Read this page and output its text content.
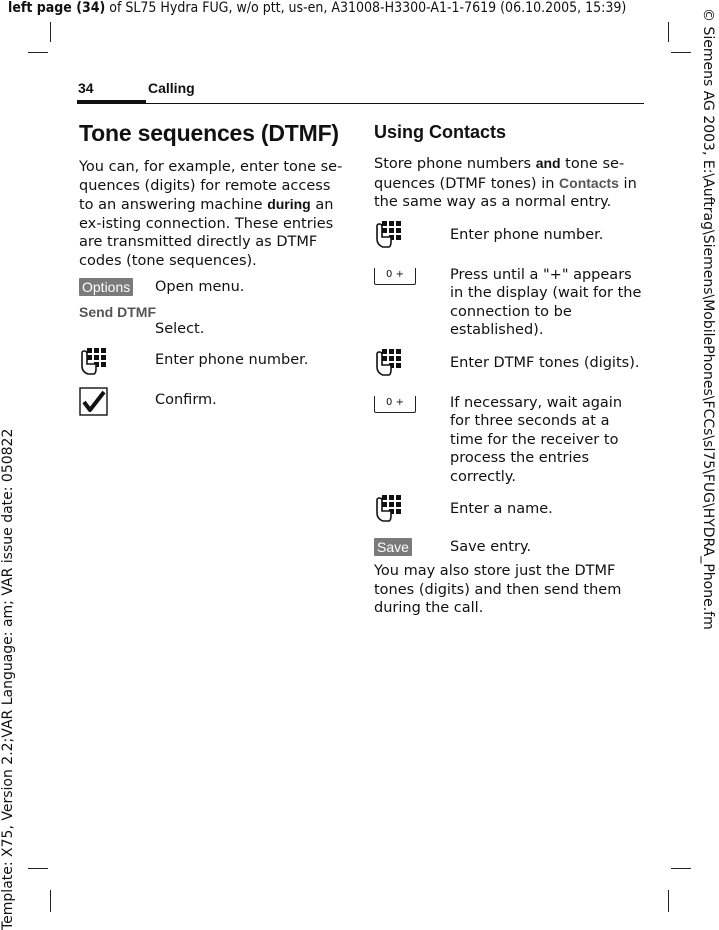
left page (34) of SL75 Hydra FUG, w/o ptt, us-en, A31008-H3300-A1-1-7619 (06.10.2005, 15:39)
Template: X75, Version 2.2;VAR Language: am; VAR issue date: 050822
© Siemens AG 2003, E:\Auftrag\Siemens\MobilePhones\FCCs\sl75\FUG\HYDRA_Phone.fm
34	Calling
Tone sequences (DTMF)

You can, for example, enter tone se-quences (digits) for remote access to an answering machine during an ex-isting connection. These entries are transmitted directly as DTMF codes (tone sequences).

Options	Open menu.
Send DTMF
Select.
Enter phone number.
Confirm.
Using Contacts

Store phone numbers and tone se-quences (DTMF tones) in Contacts in the same way as a normal entry.

Enter phone number.
0 +	Press until a "+" appears in the display (wait for the connection to be established).
Enter DTMF tones (digits).
0 +	If necessary, wait again for three seconds at a time for the receiver to process the entries correctly.
Enter a name.
Save	Save entry.

You may also store just the DTMF tones (digits) and then send them during the call.
